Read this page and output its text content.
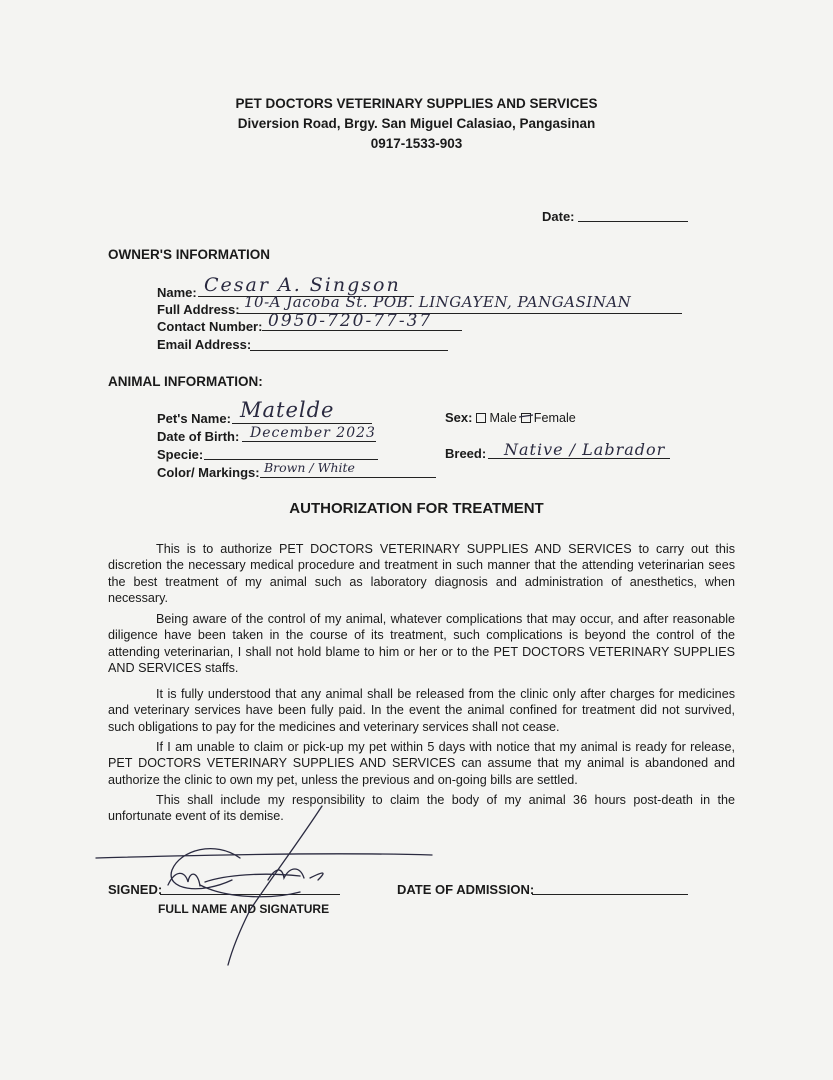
PET DOCTORS VETERINARY SUPPLIES AND SERVICES
Diversion Road, Brgy. San Miguel Calasiao, Pangasinan
0917-1533-903
Date:
OWNER'S INFORMATION
Name: Cesar A. Singson
Full Address: 10-A Jacoba St. POB. LINGAYEN, PANGASINAN
Contact Number: 0950-720-77-37
Email Address:
ANIMAL INFORMATION:
Pet's Name: Matelde
Date of Birth: December 2023
Specie:
Color/ Markings: Brown / White
Sex: Male Female
Breed: Native / Labrador
AUTHORIZATION FOR TREATMENT

This is to authorize PET DOCTORS VETERINARY SUPPLIES AND SERVICES to carry out this discretion the necessary medical procedure and treatment in such manner that the attending veterinarian sees the best treatment of my animal such as laboratory diagnosis and administration of anesthetics, when necessary.

Being aware of the control of my animal, whatever complications that may occur, and after reasonable diligence have been taken in the course of its treatment, such complications is beyond the control of the attending veterinarian, I shall not hold blame to him or her or to the PET DOCTORS VETERINARY SUPPLIES AND SERVICES staffs.

It is fully understood that any animal shall be released from the clinic only after charges for medicines and veterinary services have been fully paid. In the event the animal confined for treatment did not survived, such obligations to pay for the medicines and veterinary services shall not cease.

If I am unable to claim or pick-up my pet within 5 days with notice that my animal is ready for release, PET DOCTORS VETERINARY SUPPLIES AND SERVICES can assume that my animal is abandoned and authorize the clinic to own my pet, unless the previous and on-going bills are settled.

This shall include my responsibility to claim the body of my animal 36 hours post-death in the unfortunate event of its demise.

SIGNED:
FULL NAME AND SIGNATURE
DATE OF ADMISSION:
